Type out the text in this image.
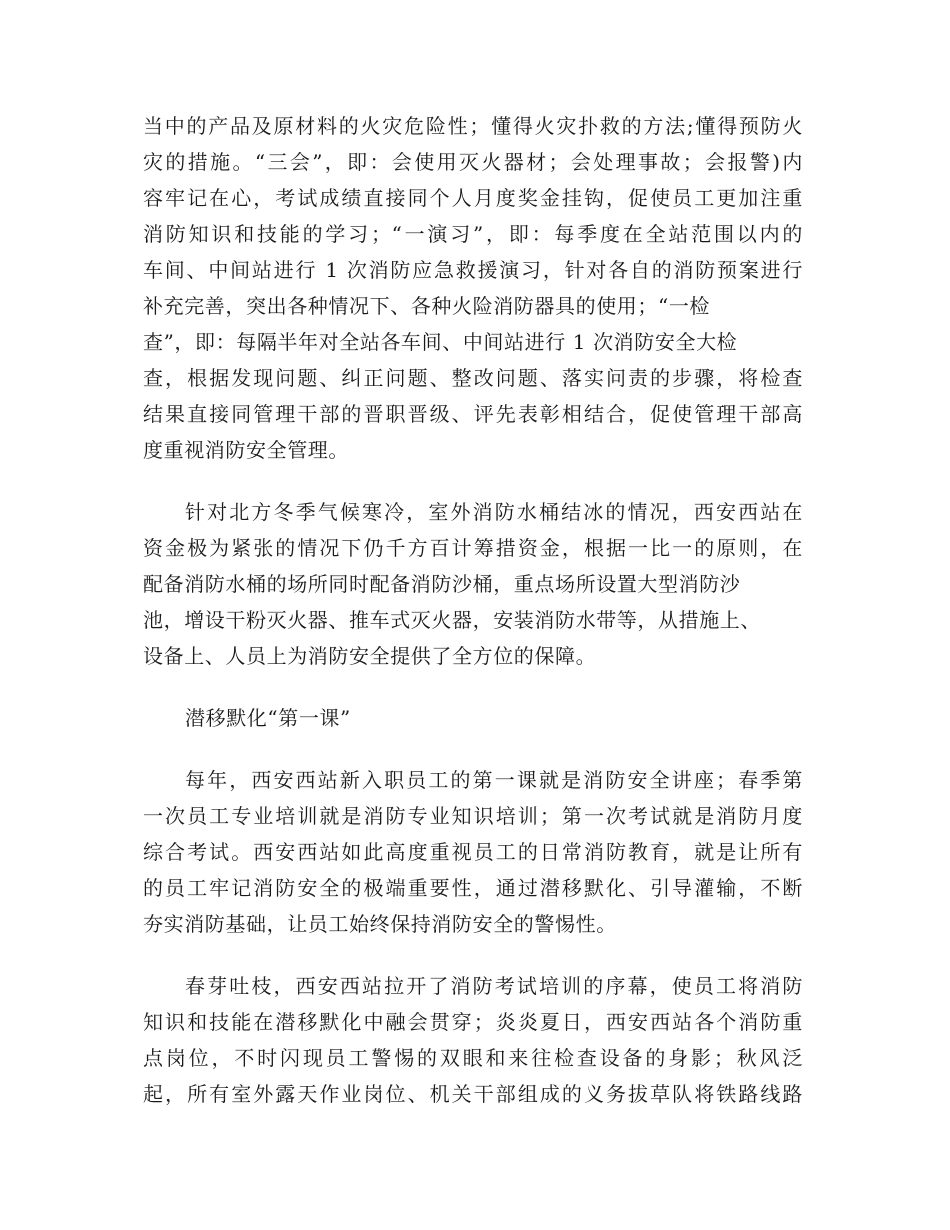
当中的产品及原材料的火灾危险性；懂得火灾扑救的方法;懂得预防火
灾的措施。“三会”，即：会使用灭火器材；会处理事故；会报警)内
容牢记在心，考试成绩直接同个人月度奖金挂钩，促使员工更加注重
消防知识和技能的学习；“一演习”，即：每季度在全站范围以内的
车间、中间站进行 1 次消防应急救援演习，针对各自的消防预案进行
补充完善，突出各种情况下、各种火险消防器具的使用；“一检
查”，即：每隔半年对全站各车间、中间站进行 1 次消防安全大检
查，根据发现问题、纠正问题、整改问题、落实问责的步骤，将检查
结果直接同管理干部的晋职晋级、评先表彰相结合，促使管理干部高
度重视消防安全管理。

针对北方冬季气候寒冷，室外消防水桶结冰的情况，西安西站在
资金极为紧张的情况下仍千方百计筹措资金，根据一比一的原则，在
配备消防水桶的场所同时配备消防沙桶，重点场所设置大型消防沙
池，增设干粉灭火器、推车式灭火器，安装消防水带等，从措施上、
设备上、人员上为消防安全提供了全方位的保障。

潜移默化“第一课”

每年，西安西站新入职员工的第一课就是消防安全讲座；春季第
一次员工专业培训就是消防专业知识培训；第一次考试就是消防月度
综合考试。西安西站如此高度重视员工的日常消防教育，就是让所有
的员工牢记消防安全的极端重要性，通过潜移默化、引导灌输，不断
夯实消防基础，让员工始终保持消防安全的警惕性。

春芽吐枝，西安西站拉开了消防考试培训的序幕，使员工将消防
知识和技能在潜移默化中融会贯穿；炎炎夏日，西安西站各个消防重
点岗位，不时闪现员工警惕的双眼和来往检查设备的身影；秋风泛
起，所有室外露天作业岗位、机关干部组成的义务拔草队将铁路线路
